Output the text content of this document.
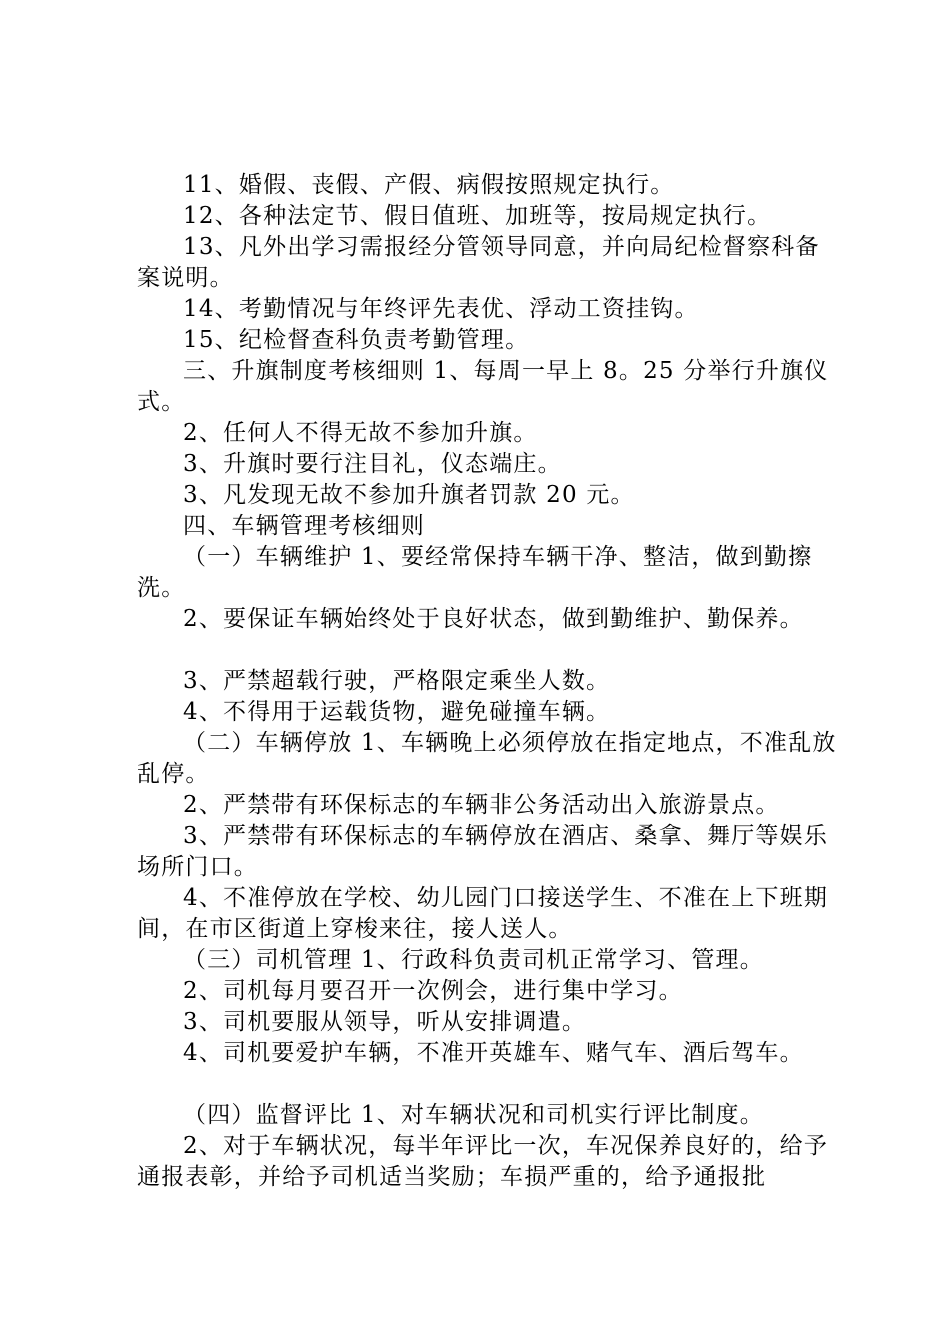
11、婚假、丧假、产假、病假按照规定执行。

12、各种法定节、假日值班、加班等，按局规定执行。

13、凡外出学习需报经分管领导同意，并向局纪检督察科备案说明。

14、考勤情况与年终评先表优、浮动工资挂钩。

15、纪检督查科负责考勤管理。

三、升旗制度考核细则 1、每周一早上 8。25 分举行升旗仪式。

2、任何人不得无故不参加升旗。

3、升旗时要行注目礼，仪态端庄。

3、凡发现无故不参加升旗者罚款 20 元。

四、车辆管理考核细则

（一）车辆维护 1、要经常保持车辆干净、整洁，做到勤擦洗。

2、要保证车辆始终处于良好状态，做到勤维护、勤保养。

3、严禁超载行驶，严格限定乘坐人数。

4、不得用于运载货物，避免碰撞车辆。

（二）车辆停放 1、车辆晚上必须停放在指定地点，不准乱放乱停。

2、严禁带有环保标志的车辆非公务活动出入旅游景点。

3、严禁带有环保标志的车辆停放在酒店、桑拿、舞厅等娱乐场所门口。

4、不准停放在学校、幼儿园门口接送学生、不准在上下班期间，在市区街道上穿梭来往，接人送人。

（三）司机管理 1、行政科负责司机正常学习、管理。

2、司机每月要召开一次例会，进行集中学习。

3、司机要服从领导，听从安排调遣。

4、司机要爱护车辆，不准开英雄车、赌气车、酒后驾车。

（四）监督评比 1、对车辆状况和司机实行评比制度。

2、对于车辆状况，每半年评比一次，车况保养良好的，给予通报表彰，并给予司机适当奖励；车损严重的，给予通报批
